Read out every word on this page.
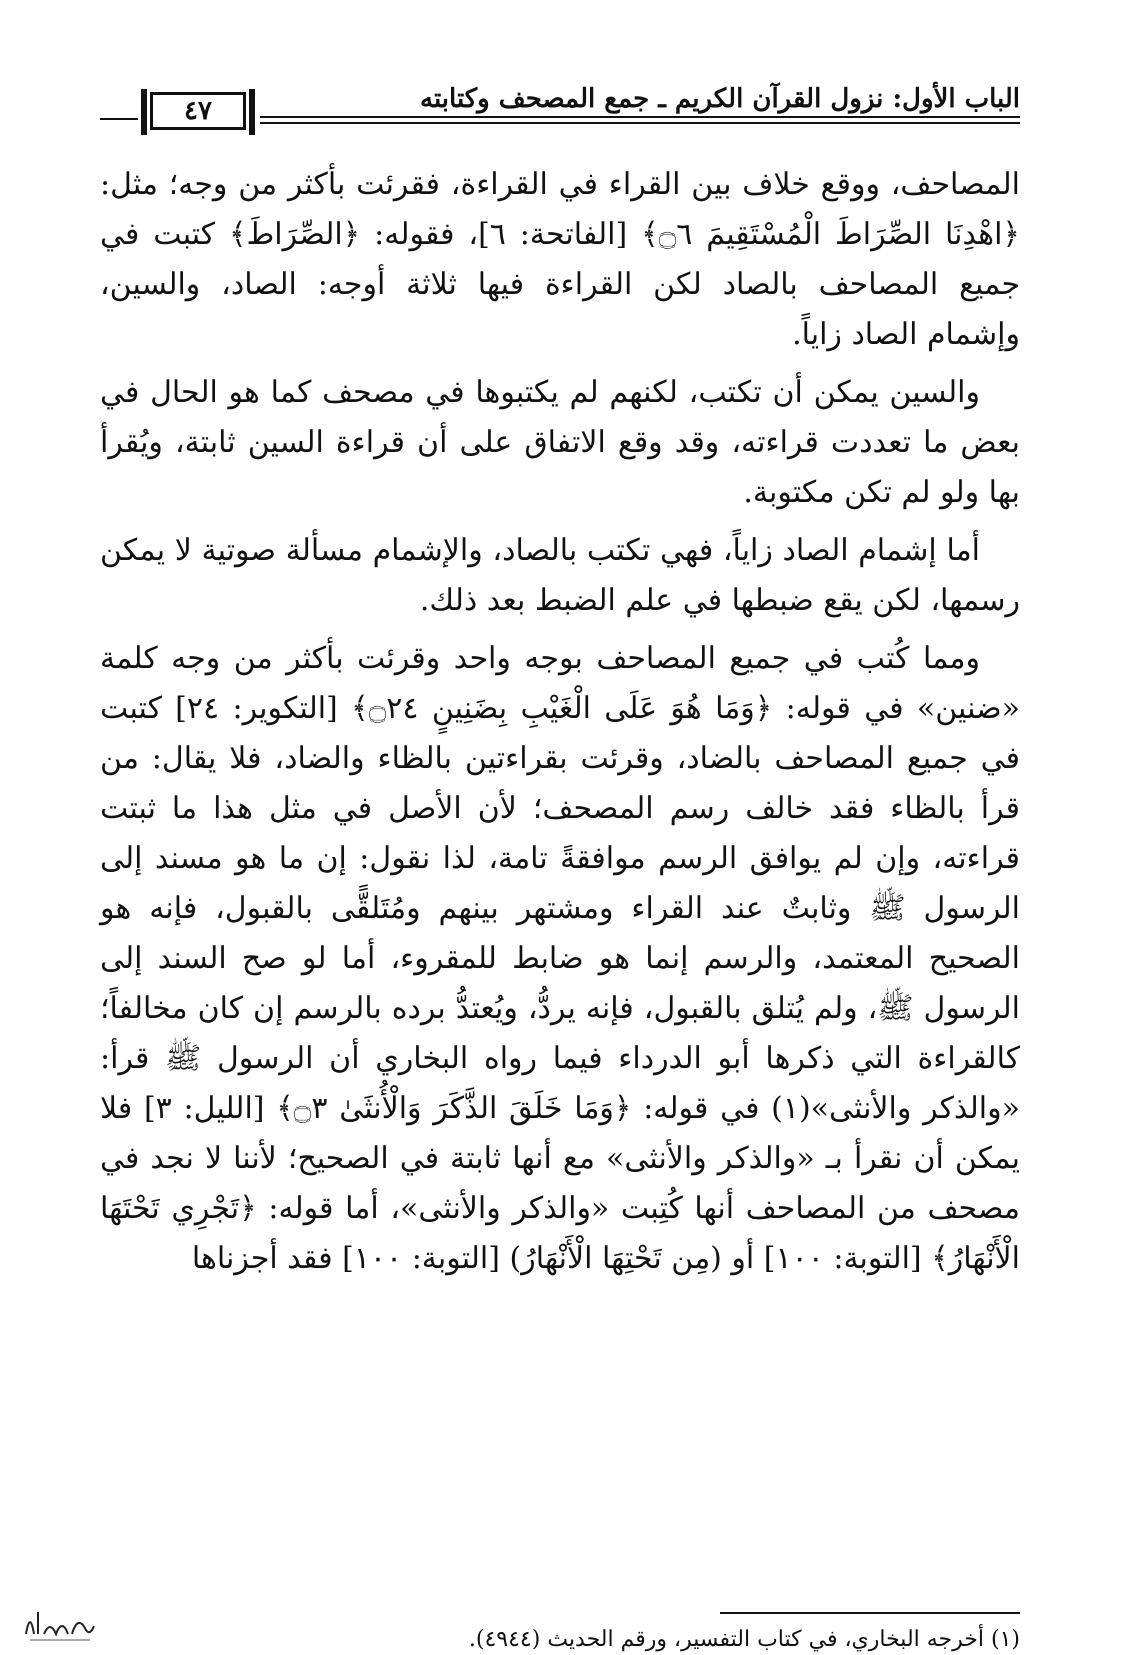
الباب الأول: نزول القرآن الكريم ـ جمع المصحف وكتابته
٤٧

المصاحف، ووقع خلاف بين القراء في القراءة، فقرئت بأكثر من وجه؛ مثل: ﴿اهْدِنَا الصِّرَاطَ الْمُسْتَقِيمَ ۝٦﴾ [الفاتحة: ٦]، فقوله: ﴿الصِّرَاطَ﴾ كتبت في جميع المصاحف بالصاد لكن القراءة فيها ثلاثة أوجه: الصاد، والسين، وإشمام الصاد زاياً.

والسين يمكن أن تكتب، لكنهم لم يكتبوها في مصحف كما هو الحال في بعض ما تعددت قراءته، وقد وقع الاتفاق على أن قراءة السين ثابتة، ويُقرأ بها ولو لم تكن مكتوبة.

أما إشمام الصاد زاياً، فهي تكتب بالصاد، والإشمام مسألة صوتية لا يمكن رسمها، لكن يقع ضبطها في علم الضبط بعد ذلك.

ومما كُتب في جميع المصاحف بوجه واحد وقرئت بأكثر من وجه كلمة «ضنين» في قوله: ﴿وَمَا هُوَ عَلَى الْغَيْبِ بِضَنِينٍ ۝٢٤﴾ [التكوير: ٢٤] كتبت في جميع المصاحف بالضاد، وقرئت بقراءتين بالظاء والضاد، فلا يقال: من قرأ بالظاء فقد خالف رسم المصحف؛ لأن الأصل في مثل هذا ما ثبتت قراءته، وإن لم يوافق الرسم موافقةً تامة، لذا نقول: إن ما هو مسند إلى الرسول ﷺ وثابتٌ عند القراء ومشتهر بينهم ومُتَلقًّى بالقبول، فإنه هو الصحيح المعتمد، والرسم إنما هو ضابط للمقروء، أما لو صح السند إلى الرسول ﷺ، ولم يُتلق بالقبول، فإنه يردُّ، ويُعتدُّ برده بالرسم إن كان مخالفاً؛ كالقراءة التي ذكرها أبو الدرداء فيما رواه البخاري أن الرسول ﷺ قرأ: «والذكر والأنثى»(١) في قوله: ﴿وَمَا خَلَقَ الذَّكَرَ وَالْأُنثَىٰ ۝٣﴾ [الليل: ٣] فلا يمكن أن نقرأ بـ «والذكر والأنثى» مع أنها ثابتة في الصحيح؛ لأننا لا نجد في مصحف من المصاحف أنها كُتِبت «والذكر والأنثى»، أما قوله: ﴿تَجْرِي تَحْتَهَا الْأَنْهَارُ﴾ [التوبة: ١٠٠] أو (مِن تَحْتِهَا الْأَنْهَارُ) [التوبة: ١٠٠] فقد أجزناها

(١) أخرجه البخاري، في كتاب التفسير، ورقم الحديث (٤٩٤٤).
